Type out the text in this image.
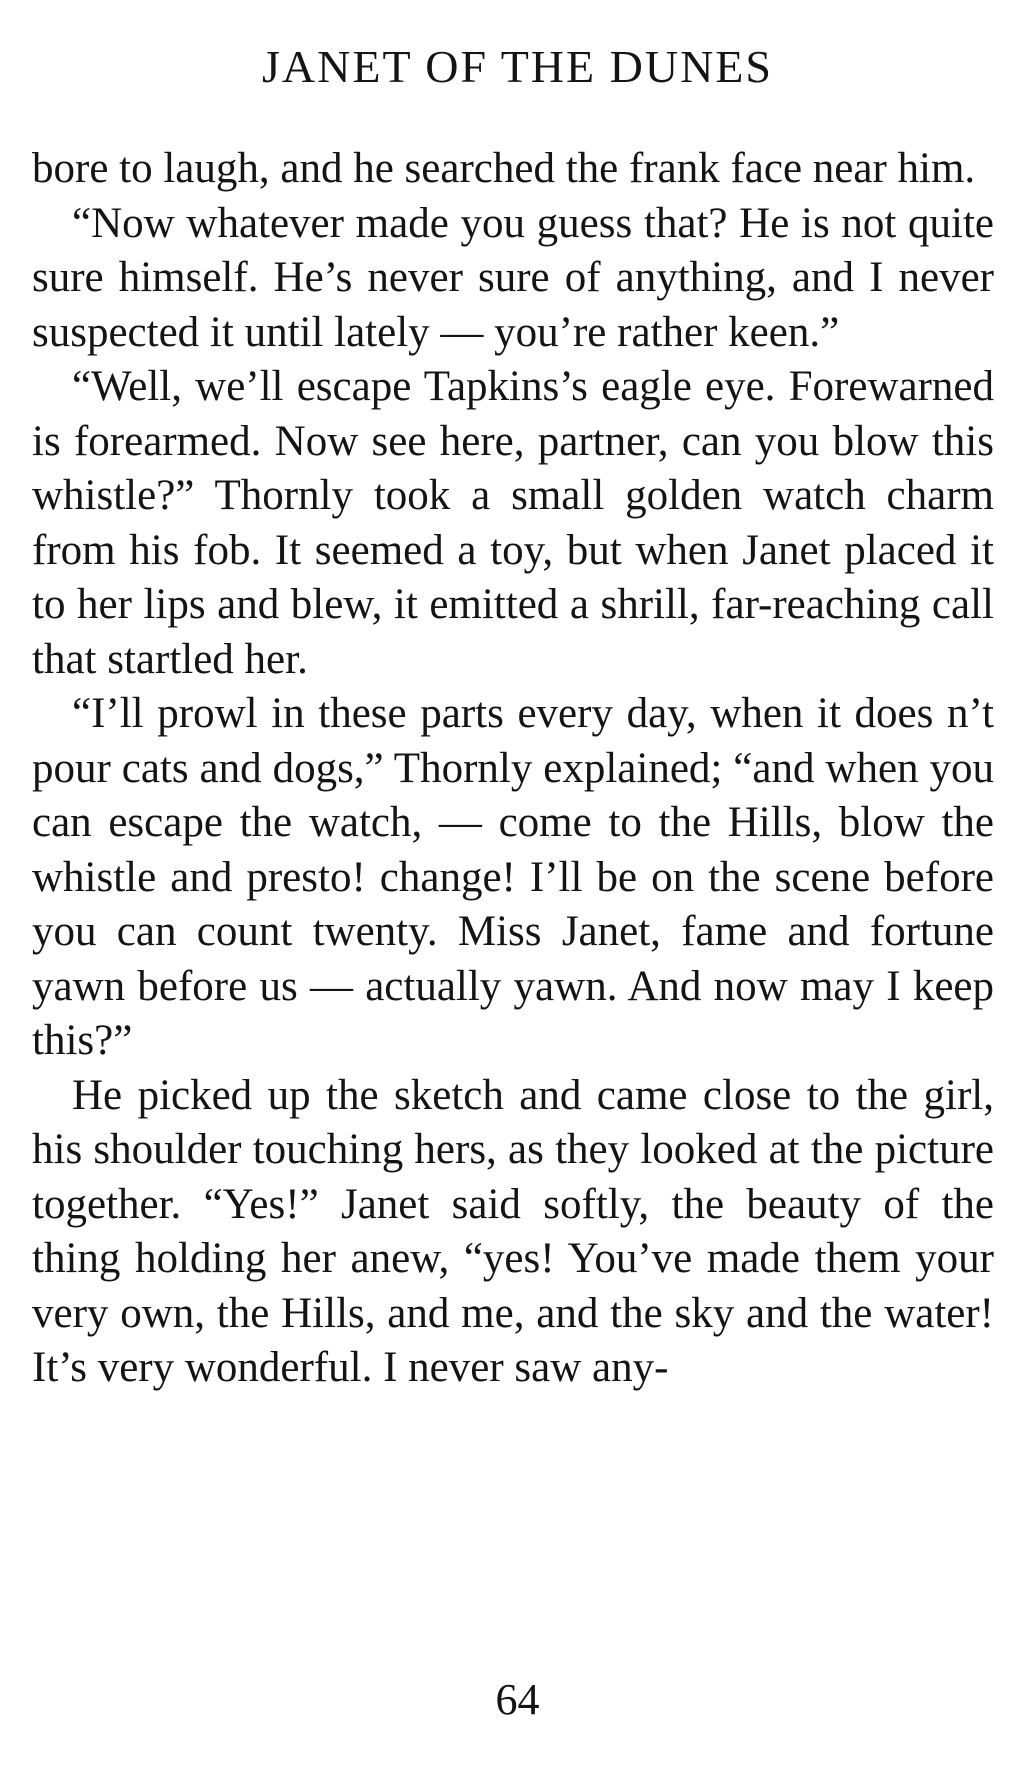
JANET OF THE DUNES

bore to laugh, and he searched the frank face near him.

“Now whatever made you guess that? He is not quite sure himself. He’s never sure of anything, and I never suspected it until lately — you’re rather keen.”

“Well, we’ll escape Tapkins’s eagle eye. Forewarned is forearmed. Now see here, partner, can you blow this whistle?” Thornly took a small golden watch charm from his fob. It seemed a toy, but when Janet placed it to her lips and blew, it emitted a shrill, far-reaching call that startled her.

“I’ll prowl in these parts every day, when it does n’t pour cats and dogs,” Thornly explained; “and when you can escape the watch, — come to the Hills, blow the whistle and presto! change! I’ll be on the scene before you can count twenty. Miss Janet, fame and fortune yawn before us — actually yawn. And now may I keep this?”

He picked up the sketch and came close to the girl, his shoulder touching hers, as they looked at the picture together. “Yes!” Janet said softly, the beauty of the thing holding her anew, “yes! You’ve made them your very own, the Hills, and me, and the sky and the water! It’s very wonderful. I never saw any-

64
